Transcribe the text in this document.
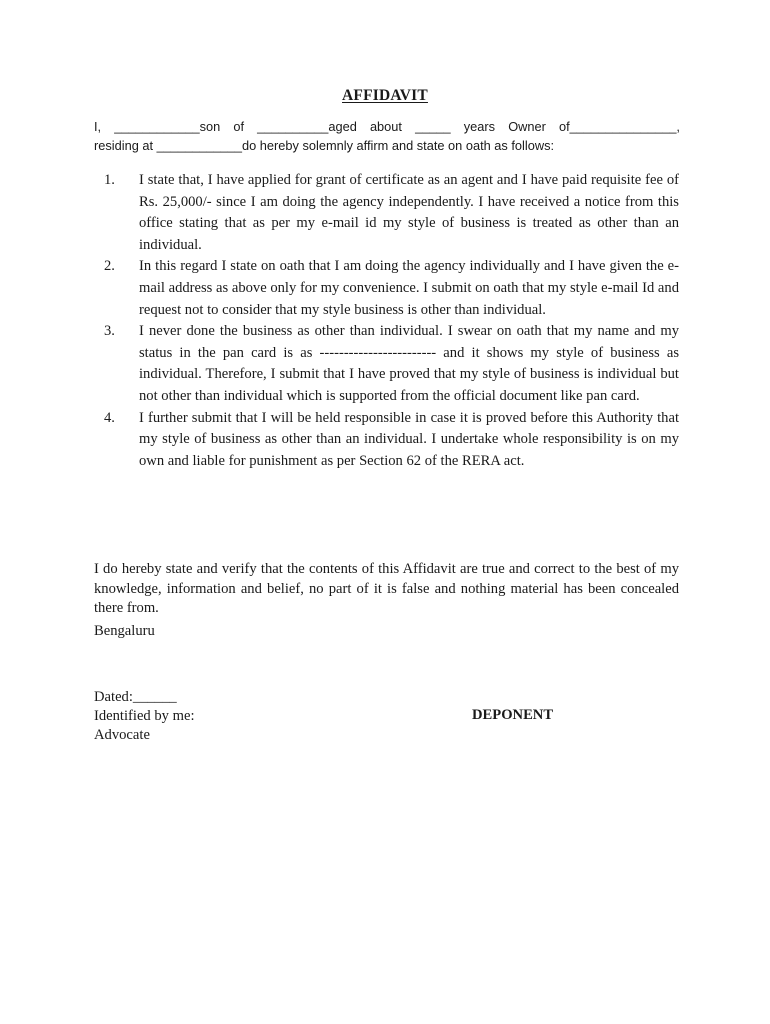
AFFIDAVIT
I, ____________son of __________aged about _____ years Owner of_______________,
residing at ____________do hereby solemnly affirm and state on oath as follows:
1. I state that, I have applied for grant of certificate as an agent and I have paid requisite fee of Rs. 25,000/- since I am doing the agency independently. I have received a notice from this office stating that as per my e-mail id my style of business is treated as other than an individual.
2. In this regard I state on oath that I am doing the agency individually and I have given the e-mail address as above only for my convenience. I submit on oath that my style e-mail Id and request not to consider that my style business is other than individual.
3. I never done the business as other than individual. I swear on oath that my name and my status in the pan card is as ------------------------ and it shows my style of business as individual. Therefore, I submit that I have proved that my style of business is individual but not other than individual which is supported from the official document like pan card.
4. I further submit that I will be held responsible in case it is proved before this Authority that my style of business as other than an individual. I undertake whole responsibility is on my own and liable for punishment as per Section 62 of the RERA act.
I do hereby state and verify that the contents of this Affidavit are true and correct to the best of my knowledge, information and belief, no part of it is false and nothing material has been concealed there from.
Bengaluru
Dated:______
Identified by me:
Advocate
DEPONENT
